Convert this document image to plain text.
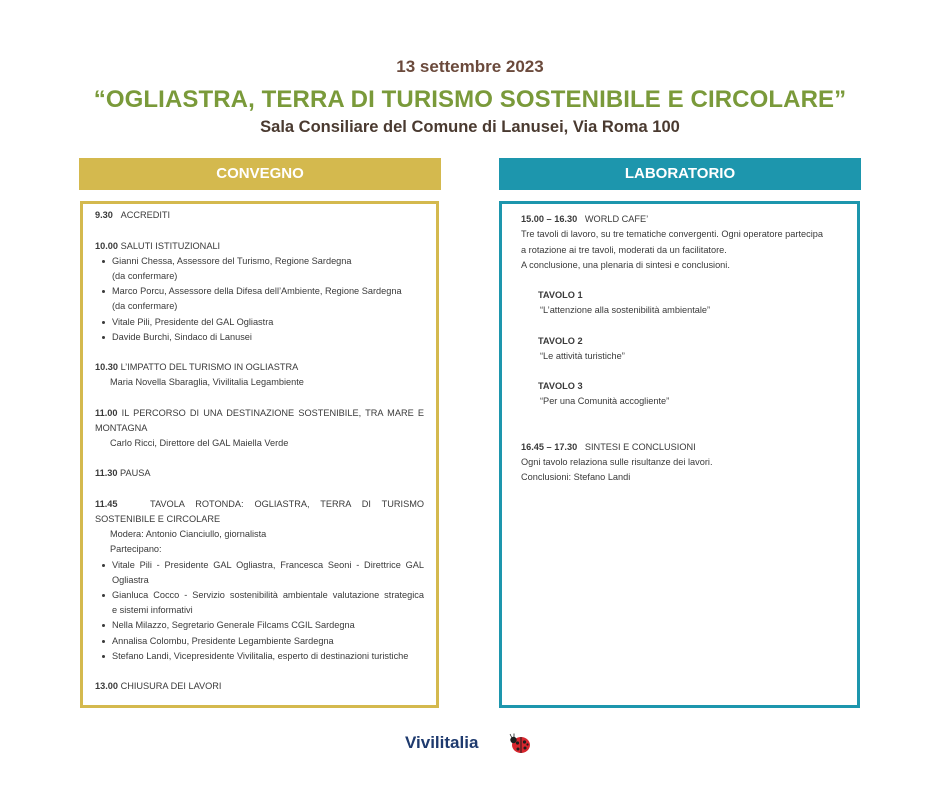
13 settembre 2023
“OGLIASTRA, TERRA DI TURISMO SOSTENIBILE E CIRCOLARE”
Sala Consiliare del Comune di Lanusei, Via Roma 100
CONVEGNO	LABORATORIO
9.30 ACCREDITI
10.00 SALUTI ISTITUZIONALI
Gianni Chessa, Assessore del Turismo, Regione Sardegna
(da confermare)
Marco Porcu, Assessore della Difesa dell’Ambiente, Regione Sardegna
(da confermare)
Vitale Pili, Presidente del GAL Ogliastra
Davide Burchi, Sindaco di Lanusei
10.30 L’IMPATTO DEL TURISMO IN OGLIASTRA
Maria Novella Sbaraglia, Vivilitalia Legambiente
11.00 IL PERCORSO DI UNA DESTINAZIONE SOSTENIBILE, TRA MARE E
MONTAGNA
Carlo Ricci, Direttore del GAL Maiella Verde
11.30 PAUSA
11.45	TAVOLA ROTONDA: OGLIASTRA, TERRA DI TURISMO
SOSTENIBILE E CIRCOLARE
Modera: Antonio Cianciullo, giornalista
Partecipano:
Vitale Pili - Presidente GAL Ogliastra, Francesca Seoni - Direttrice GAL
Ogliastra
Gianluca Cocco - Servizio sostenibilità ambientale valutazione strategica
e sistemi informativi
Nella Milazzo, Segretario Generale Filcams CGIL Sardegna
Annalisa Colombu, Presidente Legambiente Sardegna
Stefano Landi, Vicepresidente Vivilitalia, esperto di destinazioni turistiche
13.00 CHIUSURA DEI LAVORI
15.00 – 16.30 WORLD CAFE’
Tre tavoli di lavoro, su tre tematiche convergenti. Ogni operatore partecipa
a rotazione ai tre tavoli, moderati da un facilitatore.
A conclusione, una plenaria di sintesi e conclusioni.
TAVOLO 1
“L’attenzione alla sostenibilità ambientale”
TAVOLO 2
“Le attività turistiche”
TAVOLO 3
“Per una Comunità accogliente”
16.45 – 17.30 SINTESI E CONCLUSIONI
Ogni tavolo relaziona sulle risultanze dei lavori.
Conclusioni: Stefano Landi
Vivilitalia
